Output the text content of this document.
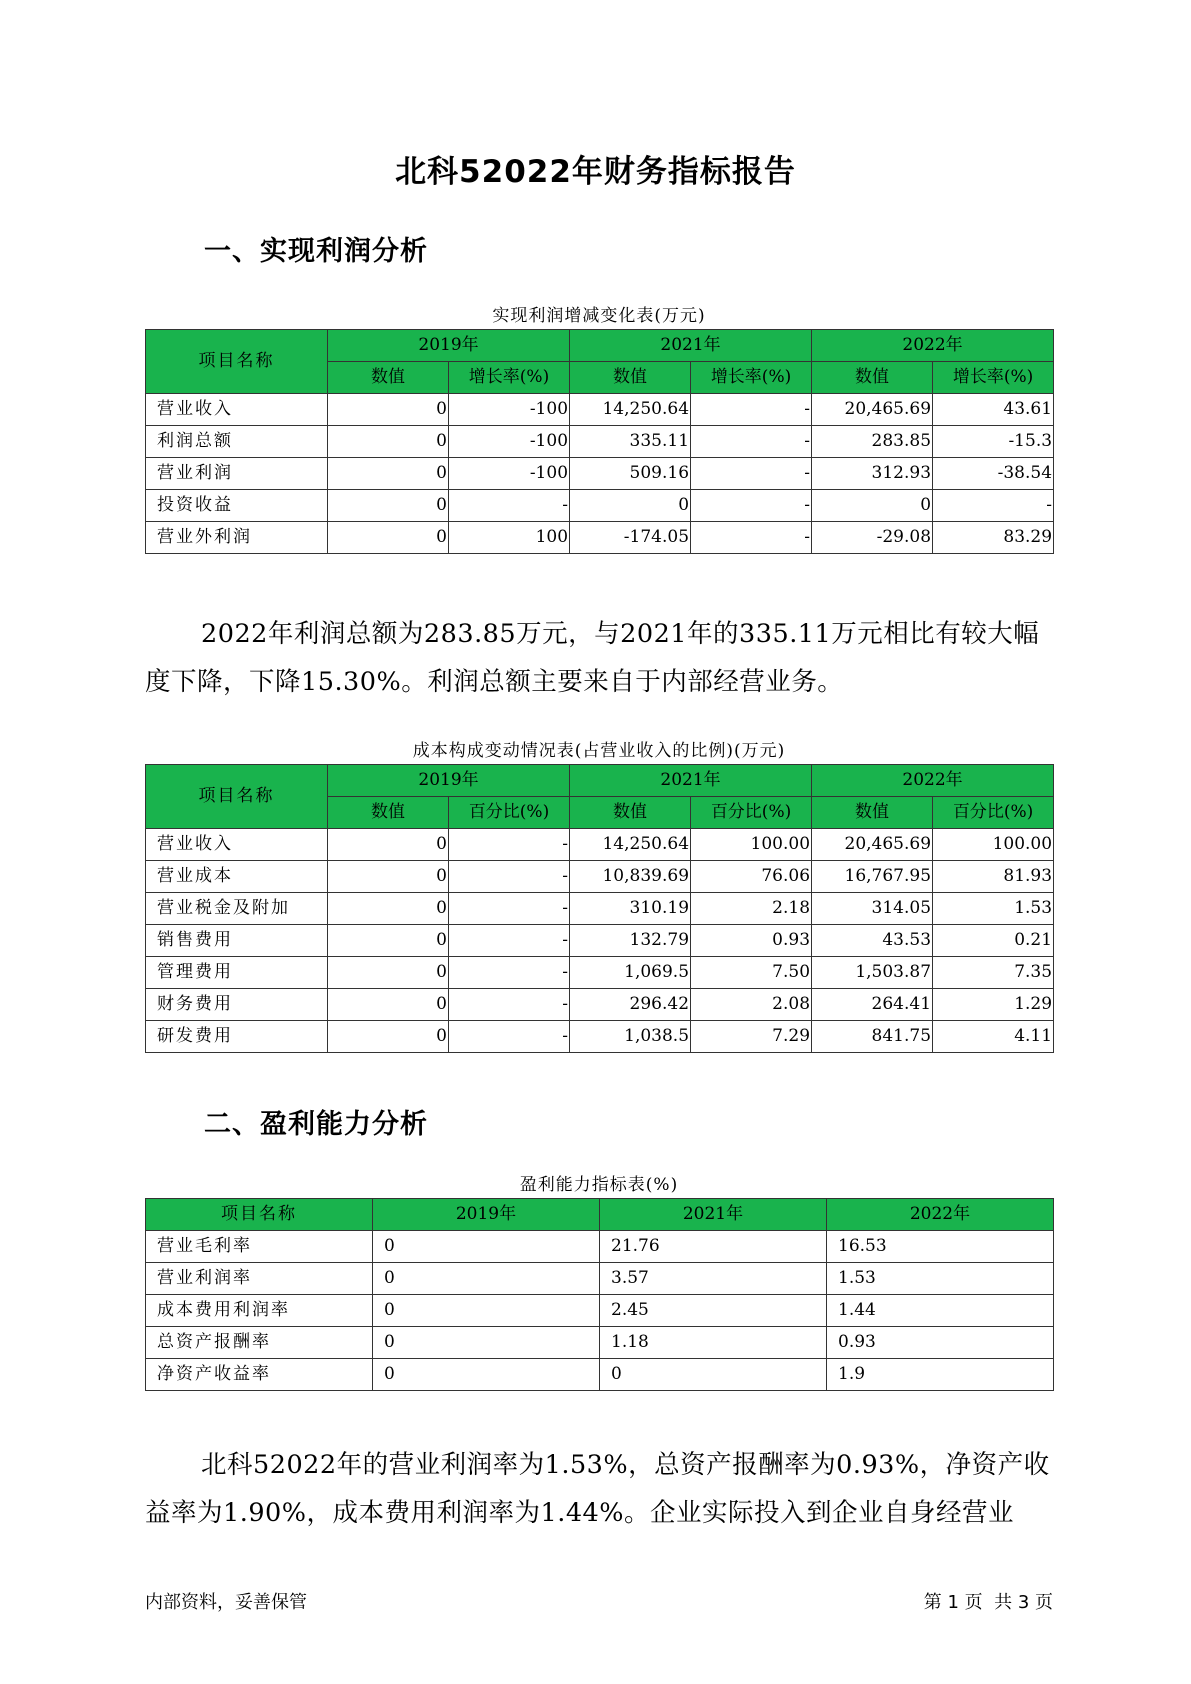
北科52022年财务指标报告
一、实现利润分析
实现利润增减变化表(万元)
项目名称	2019年		2021年		2022年	
	数值	增长率(%)	数值	增长率(%)	数值	增长率(%)
营业收入	0	-100	14,250.64	-	20,465.69	43.61
利润总额	0	-100	335.11	-	283.85	-15.3
营业利润	0	-100	509.16	-	312.93	-38.54
投资收益	0	-	0	-	0	-
营业外利润	0	100	-174.05	-	-29.08	83.29

2022年利润总额为283.85万元，与2021年的335.11万元相比有较大幅

度下降，下降15.30%。利润总额主要来自于内部经营业务。

成本构成变动情况表(占营业收入的比例)(万元)
项目名称	2019年		2021年		2022年	
	数值	百分比(%)	数值	百分比(%)	数值	百分比(%)
营业收入	0	-	14,250.64	100.00	20,465.69	100.00
营业成本	0	-	10,839.69	76.06	16,767.95	81.93
营业税金及附加	0	-	310.19	2.18	314.05	1.53
销售费用	0	-	132.79	0.93	43.53	0.21
管理费用	0	-	1,069.5	7.50	1,503.87	7.35
财务费用	0	-	296.42	2.08	264.41	1.29
研发费用	0	-	1,038.5	7.29	841.75	4.11
二、盈利能力分析
盈利能力指标表(%)
项目名称	2019年	2021年	2022年
营业毛利率	0	21.76	16.53
营业利润率	0	3.57	1.53
成本费用利润率	0	2.45	1.44
总资产报酬率	0	1.18	0.93
净资产收益率	0	0	1.9

北科52022年的营业利润率为1.53%，总资产报酬率为0.93%，净资产收

益率为1.90%，成本费用利润率为1.44%。企业实际投入到企业自身经营业

内部资料，妥善保管	第 1 页  共 3 页
